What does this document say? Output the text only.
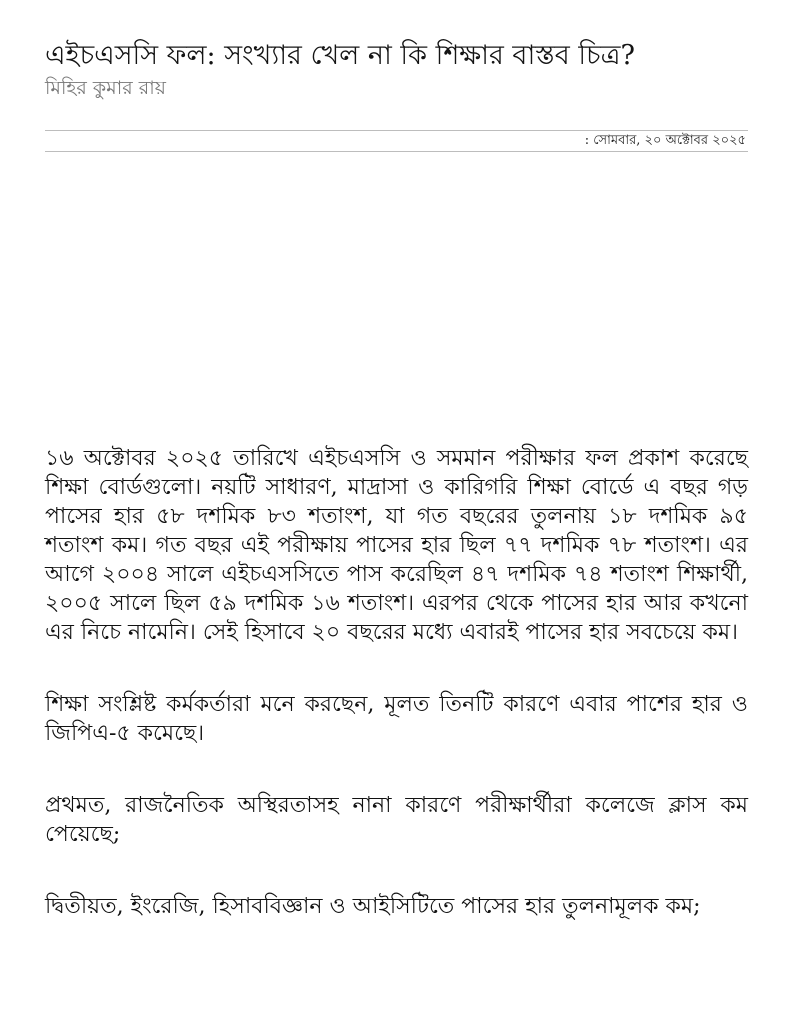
এইচএসসি ফল: সংখ্যার খেল না কি শিক্ষার বাস্তব চিত্র?

মিহির কুমার রায়

: সোমবার, ২০ অক্টোবর ২০২৫

১৬ অক্টোবর ২০২৫ তারিখে এইচএসসি ও সমমান পরীক্ষার ফল প্রকাশ করেছে শিক্ষা বোর্ডগুলো। নয়টি সাধারণ, মাদ্রাসা ও কারিগরি শিক্ষা বোর্ডে এ বছর গড় পাসের হার ৫৮ দশমিক ৮৩ শতাংশ, যা গত বছরের তুলনায় ১৮ দশমিক ৯৫ শতাংশ কম। গত বছর এই পরীক্ষায় পাসের হার ছিল ৭৭ দশমিক ৭৮ শতাংশ। এর আগে ২০০৪ সালে এইচএসসিতে পাস করেছিল ৪৭ দশমিক ৭৪ শতাংশ শিক্ষার্থী, ২০০৫ সালে ছিল ৫৯ দশমিক ১৬ শতাংশ। এরপর থেকে পাসের হার আর কখনো এর নিচে নামেনি। সেই হিসাবে ২০ বছরের মধ্যে এবারই পাসের হার সবচেয়ে কম।

শিক্ষা সংশ্লিষ্ট কর্মকর্তারা মনে করছেন, মূলত তিনটি কারণে এবার পাশের হার ও জিপিএ-৫ কমেছে।

প্রথমত, রাজনৈতিক অস্থিরতাসহ নানা কারণে পরীক্ষার্থীরা কলেজে ক্লাস কম পেয়েছে;

দ্বিতীয়ত, ইংরেজি, হিসাববিজ্ঞান ও আইসিটিতে পাসের হার তুলনামূলক কম;
